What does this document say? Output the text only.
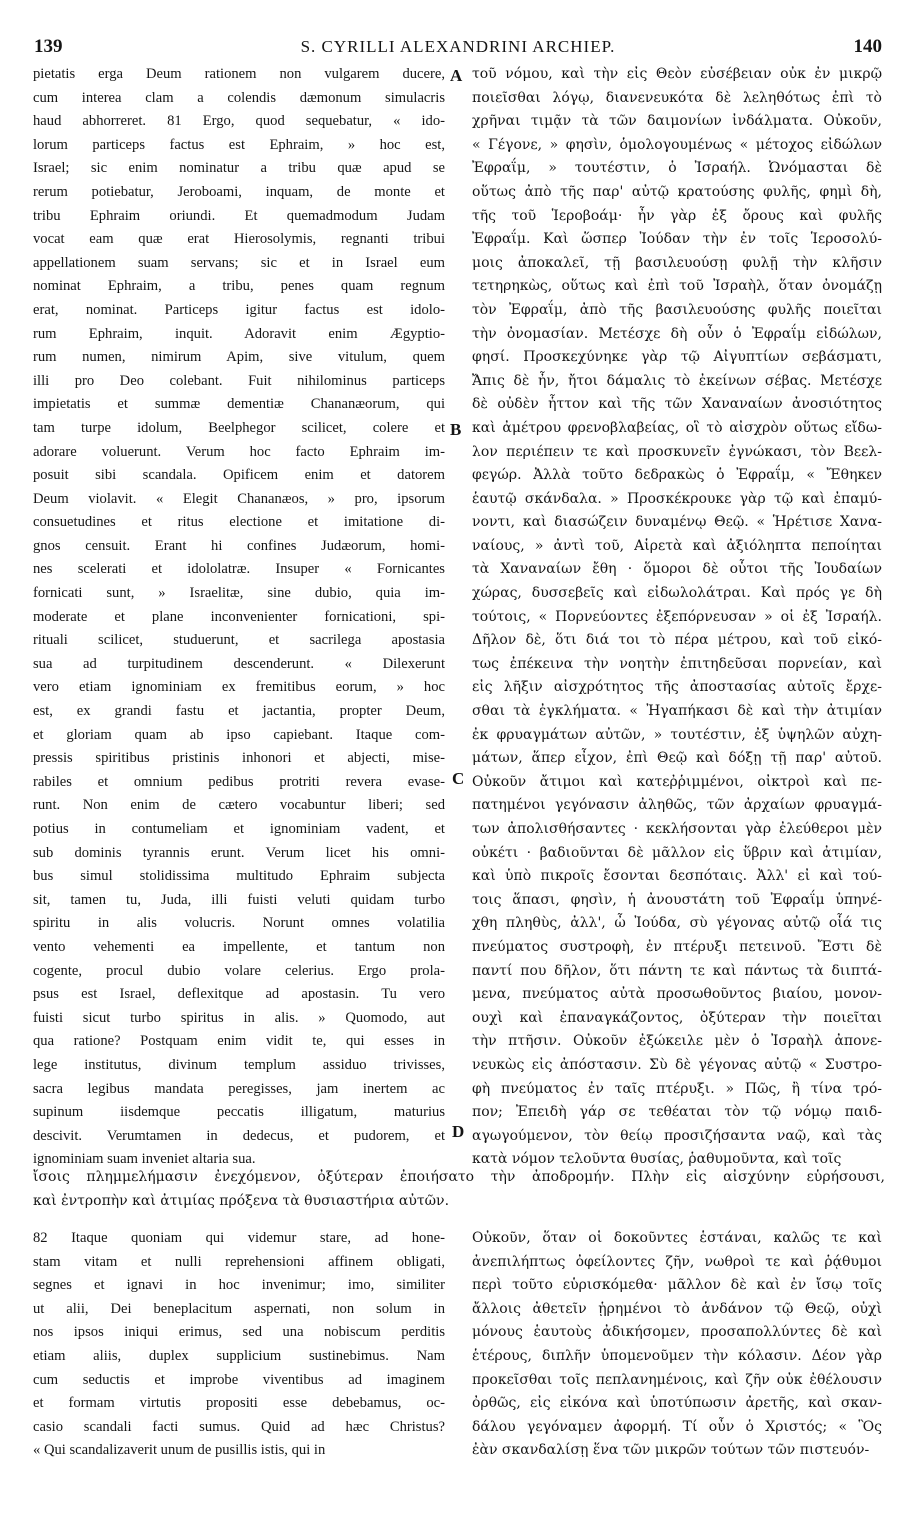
139	S. CYRILLI ALEXANDRINI ARCHIEP.	140
A
B
C
D

pietatis erga Deum rationem non vulgarem ducere,

cum interea clam a colendis dæmonum simulacris

haud abhorreret. 81 Ergo, quod sequebatur, « ido-

lorum particeps factus est Ephraim, » hoc est,

Israel; sic enim nominatur a tribu quæ apud se

rerum potiebatur, Jeroboami, inquam, de monte et

tribu Ephraim oriundi. Et quemadmodum Judam

vocat eam quæ erat Hierosolymis, regnanti tribui

appellationem suam servans; sic et in Israel eum

nominat Ephraim, a tribu, penes quam regnum

erat, nominat. Particeps igitur factus est idolo-

rum Ephraim, inquit. Adoravit enim Ægyptio-

rum numen, nimirum Apim, sive vitulum, quem

illi pro Deo colebant. Fuit nihilominus particeps

impietatis et summæ dementiæ Chananæorum, qui

tam turpe idolum, Beelphegor scilicet, colere et

adorare voluerunt. Verum hoc facto Ephraim im-

posuit sibi scandala. Opificem enim et datorem

Deum violavit. « Elegit Chananæos, » pro, ipsorum

consuetudines et ritus electione et imitatione di-

gnos censuit. Erant hi confines Judæorum, homi-

nes scelerati et idololatræ. Insuper « Fornicantes

fornicati sunt, » Israelitæ, sine dubio, quia im-

moderate et plane inconvenienter fornicationi, spi-

rituali scilicet, studuerunt, et sacrilega apostasia

sua ad turpitudinem descenderunt. « Dilexerunt

vero etiam ignominiam ex fremitibus eorum, » hoc

est, ex grandi fastu et jactantia, propter Deum,

et gloriam quam ab ipso capiebant. Itaque com-

pressis spiritibus pristinis inhonori et abjecti, mise-

rabiles et omnium pedibus protriti revera evase-

runt. Non enim de cætero vocabuntur liberi; sed

potius in contumeliam et ignominiam vadent, et

sub dominis tyrannis erunt. Verum licet his omni-

bus simul stolidissima multitudo Ephraim subjecta

sit, tamen tu, Juda, illi fuisti veluti quidam turbo

spiritu in alis volucris. Norunt omnes volatilia

vento vehementi ea impellente, et tantum non

cogente, procul dubio volare celerius. Ergo prola-

psus est Israel, deflexitque ad apostasin. Tu vero

fuisti sicut turbo spiritus in alis. » Quomodo, aut

qua ratione? Postquam enim vidit te, qui esses in

lege institutus, divinum templum assiduo trivisses,

sacra legibus mandata peregisses, jam inertem ac

supinum iisdemque peccatis illigatum, maturius

descivit. Verumtamen in dedecus, et pudorem, et

ignominiam suam inveniet altaria sua.

τοῦ νόμου, καὶ τὴν εἰς Θεὸν εὐσέβειαν οὐκ ἐν μικρῷ

ποιεῖσθαι λόγῳ, διανενευκότα δὲ λεληθότως ἐπὶ τὸ

χρῆναι τιμᾷν τὰ τῶν δαιμονίων ἰνδάλματα. Οὐκοῦν,

« Γέγονε, » φησὶν, ὁμολογουμένως « μέτοχος εἰδώλων

Ἐφραΐμ, » τουτέστιν, ὁ Ἰσραήλ. Ὠνόμασται δὲ

οὕτως ἀπὸ τῆς παρ' αὐτῷ κρατούσης φυλῆς, φημὶ δὴ,

τῆς τοῦ Ἱεροβοάμ· ἦν γὰρ ἐξ ὄρους καὶ φυλῆς

Ἐφραΐμ. Καὶ ὥσπερ Ἰούδαν τὴν ἐν τοῖς Ἱεροσολύ-

μοις ἀποκαλεῖ, τῇ βασιλευούσῃ φυλῇ τὴν κλῆσιν

τετηρηκὼς, οὕτως καὶ ἐπὶ τοῦ Ἰσραὴλ, ὅταν ὀνομάζῃ

τὸν Ἐφραΐμ, ἀπὸ τῆς βασιλευούσης φυλῆς ποιεῖται

τὴν ὀνομασίαν. Μετέσχε δὴ οὖν ὁ Ἐφραΐμ εἰδώλων,

φησί. Προσκεχύνηκε γὰρ τῷ Αἰγυπτίων σεβάσματι,

Ἄπις δὲ ἦν, ἤτοι δάμαλις τὸ ἐκείνων σέβας. Μετέσχε

δὲ οὐδὲν ἧττον καὶ τῆς τῶν Χαναναίων ἀνοσιότητος

καὶ ἀμέτρου φρενοβλαβείας, οἳ τὸ αἰσχρὸν οὕτως εἴδω-

λον περιέπειν τε καὶ προσκυνεῖν ἐγνώκασι, τὸν Βεελ-

φεγώρ. Ἀλλὰ τοῦτο δεδρακὼς ὁ Ἐφραΐμ, « Ἔθηκεν

ἑαυτῷ σκάνδαλα. » Προσκέκρουκε γὰρ τῷ καὶ ἐπαμύ-

νοντι, καὶ διασώζειν δυναμένῳ Θεῷ. « Ἡρέτισε Χανα-

ναίους, » ἀντὶ τοῦ, Αἱρετὰ καὶ ἀξιόληπτα πεποίηται

τὰ Χαναναίων ἔθη · ὅμοροι δὲ οὗτοι τῆς Ἰουδαίων

χώρας, δυσσεβεῖς καὶ εἰδωλολάτραι. Καὶ πρός γε δὴ

τούτοις, « Πορνεύοντες ἐξεπόρνευσαν » οἱ ἐξ Ἰσραήλ.

Δῆλον δὲ, ὅτι διά τοι τὸ πέρα μέτρου, καὶ τοῦ εἰκό-

τως ἐπέκεινα τὴν νοητὴν ἐπιτηδεῦσαι πορνείαν, καὶ

εἰς λῆξιν αἰσχρότητος τῆς ἀποστασίας αὐτοῖς ἔρχε-

σθαι τὰ ἐγκλήματα. « Ἠγαπήκασι δὲ καὶ τὴν ἀτιμίαν

ἐκ φρυαγμάτων αὐτῶν, » τουτέστιν, ἐξ ὑψηλῶν αὐχη-

μάτων, ἅπερ εἶχον, ἐπὶ Θεῷ καὶ δόξῃ τῇ παρ' αὐτοῦ.

Οὐκοῦν ἄτιμοι καὶ κατεῤῥιμμένοι, οἰκτροὶ καὶ πε-

πατημένοι γεγόνασιν ἀληθῶς, τῶν ἀρχαίων φρυαγμά-

των ἀπολισθήσαντες · κεκλήσονται γὰρ ἐλεύθεροι μὲν

οὐκέτι · βαδιοῦνται δὲ μᾶλλον εἰς ὕβριν καὶ ἀτιμίαν,

καὶ ὑπὸ πικροῖς ἔσονται δεσπόταις. Ἀλλ' εἰ καὶ τού-

τοις ἅπασι, φησὶν, ἡ ἀνουστάτη τοῦ Ἐφραΐμ ὑπηνέ-

χθη πληθὺς, ἀλλ', ὦ Ἰούδα, σὺ γέγονας αὐτῷ οἷά τις

πνεύματος συστροφὴ, ἐν πτέρυξι πετεινοῦ. Ἔστι δὲ

παντί που δῆλον, ὅτι πάντη τε καὶ πάντως τὰ διιπτά-

μενα, πνεύματος αὐτὰ προσωθοῦντος βιαίου, μονον-

ουχὶ καὶ ἐπαναγκάζοντος, ὀξύτεραν τὴν ποιεῖται

τὴν πτῆσιν. Οὐκοῦν ἐξώκειλε μὲν ὁ Ἰσραὴλ ἀπονε-

νευκὼς εἰς ἀπόστασιν. Σὺ δὲ γέγονας αὐτῷ « Συστρο-

φὴ πνεύματος ἐν ταῖς πτέρυξι. » Πῶς, ἢ τίνα τρό-

πον; Ἐπειδὴ γάρ σε τεθέαται τὸν τῷ νόμῳ παιδ-

αγωγούμενον, τὸν θείῳ προσιζήσαντα ναῷ, καὶ τὰς

κατὰ νόμον τελοῦντα θυσίας, ῥαθυμοῦντα, καὶ τοῖς

ἴσοις πλημμελήμασιν ἐνεχόμενον, ὀξύτεραν ἐποιήσατο τὴν ἀποδρομήν. Πλὴν εἰς αἰσχύνην εὑρήσουσι,

καὶ ἐντροπὴν καὶ ἀτιμίας πρόξενα τὰ θυσιαστήρια αὐτῶν.

82 Itaque quoniam qui videmur stare, ad hone-

stam vitam et nulli reprehensioni affinem obligati,

segnes et ignavi in hoc invenimur; imo, similiter

ut alii, Dei beneplacitum aspernati, non solum in

nos ipsos iniqui erimus, sed una nobiscum perditis

etiam aliis, duplex supplicium sustinebimus. Nam

cum seductis et improbe viventibus ad imaginem

et formam virtutis propositi esse debebamus, oc-

casio scandali facti sumus. Quid ad hæc Christus?

« Qui scandalizaverit unum de pusillis istis, qui in

Οὐκοῦν, ὅταν οἱ δοκοῦντες ἑστάναι, καλῶς τε καὶ

ἀνεπιλήπτως ὀφείλοντες ζῆν, νωθροὶ τε καὶ ῥᾴθυμοι

περὶ τοῦτο εὑρισκόμεθα· μᾶλλον δὲ καὶ ἐν ἴσῳ τοῖς

ἄλλοις ἀθετεῖν ᾑρημένοι τὸ ἁνδάνον τῷ Θεῷ, οὐχὶ

μόνους ἑαυτοὺς ἀδικήσομεν, προσαπολλύντες δὲ καὶ

ἑτέρους, διπλῆν ὑπομενοῦμεν τὴν κόλασιν. Δέον γὰρ

προκεῖσθαι τοῖς πεπλανημένοις, καὶ ζῆν οὐκ ἐθέλουσιν

ὀρθῶς, εἰς εἰκόνα καὶ ὑποτύπωσιν ἀρετῆς, καὶ σκαν-

δάλου γεγόναμεν ἀφορμή. Τί οὖν ὁ Χριστός; « Ὃς

ἐὰν σκανδαλίσῃ ἕνα τῶν μικρῶν τούτων τῶν πιστευόν-
